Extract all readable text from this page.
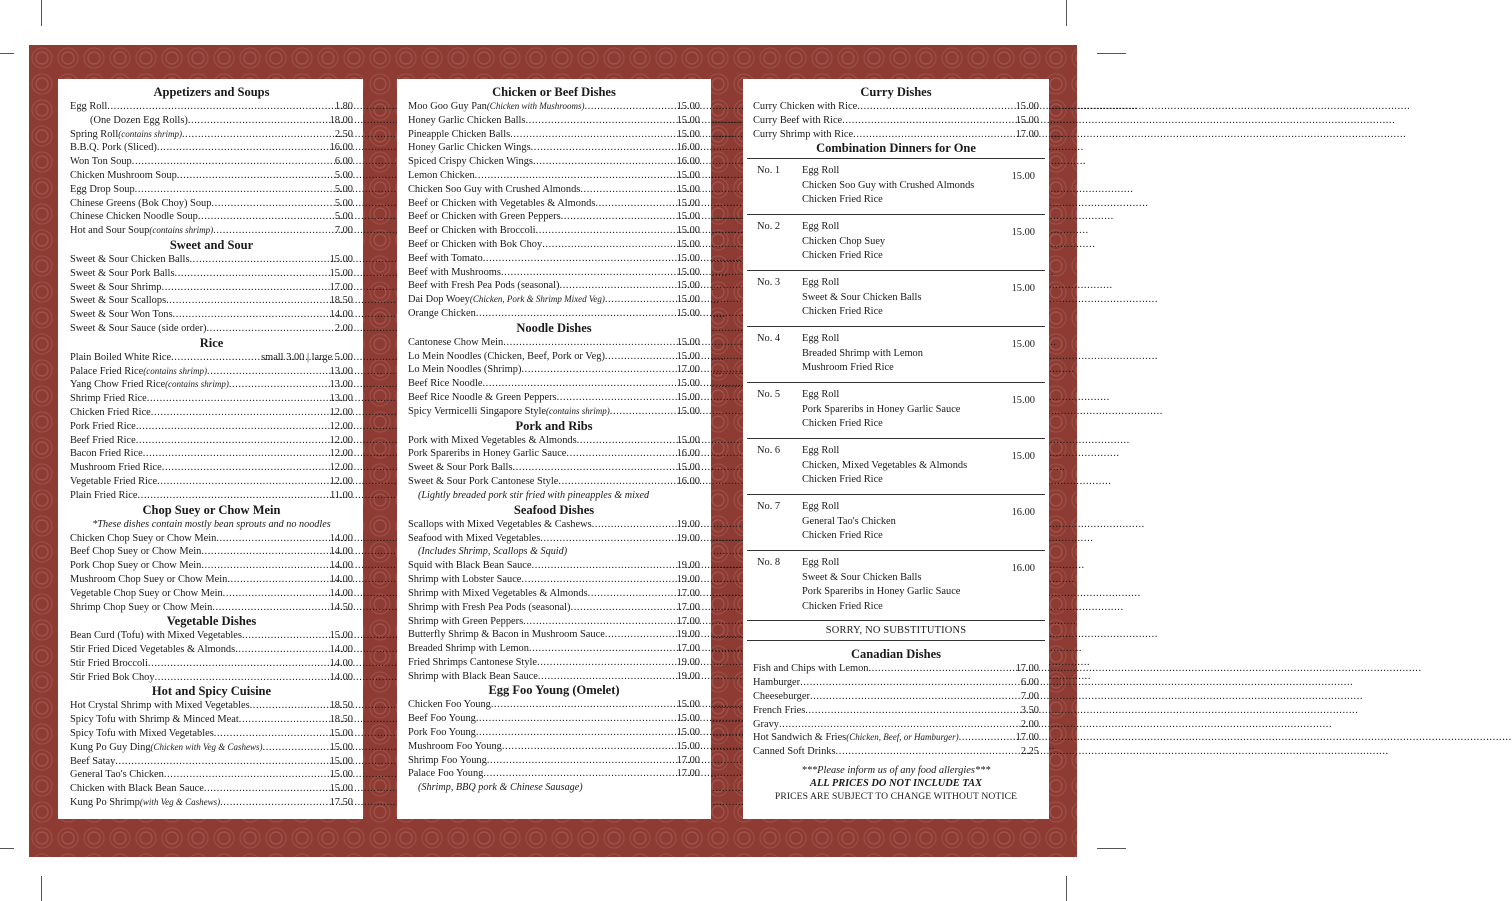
Appetizers and Soups
Egg Roll .....	1.80
(One Dozen Egg Rolls) .....	18.00
Spring Roll (contains shrimp) .....	2.50
B.B.Q. Pork (Sliced) .....	16.00
Won Ton Soup .....	6.00
Chicken Mushroom Soup .....	5.00
Egg Drop Soup .....	5.00
Chinese Greens (Bok Choy) Soup .....	5.00
Chinese Chicken Noodle Soup .....	5.00
Hot and Sour Soup (contains shrimp) .....	7.00
Sweet and Sour
Sweet & Sour Chicken Balls .....	15.00
Sweet & Sour Pork Balls .....	15.00
Sweet & Sour Shrimp .....	17.00
Sweet & Sour Scallops .....	18.50
Sweet & Sour Won Tons .....	14.00
Sweet & Sour Sauce (side order) .....	2.00
Rice
Plain Boiled White Rice .....	small 3.00 | large 5.00
Palace Fried Rice (contains shrimp) .....	13.00
Yang Chow Fried Rice (contains shrimp) .....	13.00
Shrimp Fried Rice .....	13.00
Chicken Fried Rice .....	12.00
Pork Fried Rice .....	12.00
Beef Fried Rice .....	12.00
Bacon Fried Rice .....	12.00
Mushroom Fried Rice .....	12.00
Vegetable Fried Rice .....	12.00
Plain Fried Rice .....	11.00
Chop Suey or Chow Mein
*These dishes contain mostly bean sprouts and no noodles
Chicken Chop Suey or Chow Mein .....	14.00
Beef Chop Suey or Chow Mein .....	14.00
Pork Chop Suey or Chow Mein .....	14.00
Mushroom Chop Suey or Chow Mein .....	14.00
Vegetable Chop Suey or Chow Mein .....	14.00
Shrimp Chop Suey or Chow Mein .....	14.50
Vegetable Dishes
Bean Curd (Tofu) with Mixed Vegetables .....	15.00
Stir Fried Diced Vegetables & Almonds .....	14.00
Stir Fried Broccoli .....	14.00
Stir Fried Bok Choy .....	14.00
Hot and Spicy Cuisine
Hot Crystal Shrimp with Mixed Vegetables .....	18.50
Spicy Tofu with Shrimp & Minced Meat .....	18.50
Spicy Tofu with Mixed Vegetables .....	15.00
Kung Po Guy Ding (Chicken with Veg & Cashews) .....	15.00
Beef Satay .....	15.00
General Tao's Chicken .....	15.00
Chicken with Black Bean Sauce .....	15.00
Kung Po Shrimp (with Veg & Cashews) .....	17.50
Chicken or Beef Dishes
Moo Goo Guy Pan (Chicken with Mushrooms) .....	15.00
Honey Garlic Chicken Balls .....	15.00
Pineapple Chicken Balls .....	15.00
Honey Garlic Chicken Wings .....	16.00
Spiced Crispy Chicken Wings .....	16.00
Lemon Chicken .....	15.00
Chicken Soo Guy with Crushed Almonds .....	15.00
Beef or Chicken with Vegetables & Almonds .....	15.00
Beef or Chicken with Green Peppers .....	15.00
Beef or Chicken with Broccoli .....	15.00
Beef or Chicken with Bok Choy .....	15.00
Beef with Tomato .....	15.00
Beef with Mushrooms .....	15.00
Beef with Fresh Pea Pods (seasonal) .....	15.00
Dai Dop Woey (Chicken, Pork & Shrimp Mixed Veg) .....	15.00
Orange Chicken .....	15.00
Noodle Dishes
Cantonese Chow Mein .....	15.00
Lo Mein Noodles (Chicken, Beef, Pork or Veg) .....	15.00
Lo Mein Noodles (Shrimp) .....	17.00
Beef Rice Noodle .....	15.00
Beef Rice Noodle & Green Peppers .....	15.00
Spicy Vermicelli Singapore Style (contains shrimp) .....	15.00
Pork and Ribs
Pork with Mixed Vegetables & Almonds .....	15.00
Pork Spareribs in Honey Garlic Sauce .....	16.00
Sweet & Sour Pork Balls .....	15.00
Sweet & Sour Pork Cantonese Style .....	16.00
(Lightly breaded pork stir fried with pineapples & mixed
Seafood Dishes
Scallops with Mixed Vegetables & Cashews .....	19.00
Seafood with Mixed Vegetables .....	19.00
(Includes Shrimp, Scallops & Squid)
Squid with Black Bean Sauce .....	19.00
Shrimp with Lobster Sauce .....	19.00
Shrimp with Mixed Vegetables & Almonds .....	17.00
Shrimp with Fresh Pea Pods (seasonal) .....	17.00
Shrimp with Green Peppers .....	17.00
Butterfly Shrimp & Bacon in Mushroom Sauce .....	19.00
Breaded Shrimp with Lemon .....	17.00
Fried Shrimps Cantonese Style .....	19.00
Shrimp with Black Bean Sauce .....	19.00
Egg Foo Young (Omelet)
Chicken Foo Young .....	15.00
Beef Foo Young .....	15.00
Pork Foo Young .....	15.00
Mushroom Foo Young .....	15.00
Shrimp Foo Young .....	17.00
Palace Foo Young .....	17.00
(Shrimp, BBQ pork & Chinese Sausage)
Curry Dishes
Curry Chicken with Rice .....	15.00
Curry Beef with Rice .....	15.00
Curry Shrimp with Rice .....	17.00
Combination Dinners for One
No. 1 Egg Roll
Chicken Soo Guy with Crushed Almonds
Chicken Fried Rice
15.00
No. 2 Egg Roll
Chicken Chop Suey
Chicken Fried Rice
15.00
No. 3 Egg Roll
Sweet & Sour Chicken Balls
Chicken Fried Rice
15.00
No. 4 Egg Roll
Breaded Shrimp with Lemon
Mushroom Fried Rice
15.00
No. 5 Egg Roll
Pork Spareribs in Honey Garlic Sauce
Chicken Fried Rice
15.00
No. 6 Egg Roll
Chicken, Mixed Vegetables & Almonds
Chicken Fried Rice
15.00
No. 7 Egg Roll
General Tao's Chicken
Chicken Fried Rice
16.00
No. 8 Egg Roll
Sweet & Sour Chicken Balls
Pork Spareribs in Honey Garlic Sauce
Chicken Fried Rice
16.00
SORRY, NO SUBSTITUTIONS
Canadian Dishes
Fish and Chips with Lemon .....	17.00
Hamburger .....	6.00
Cheeseburger .....	7.00
French Fries .....	3.50
Gravy .....	2.00
Hot Sandwich & Fries (Chicken, Beef, or Hamburger) .....	17.00
Canned Soft Drinks .....	2.25
***Please inform us of any food allergies***
ALL PRICES DO NOT INCLUDE TAX
PRICES ARE SUBJECT TO CHANGE WITHOUT NOTICE
